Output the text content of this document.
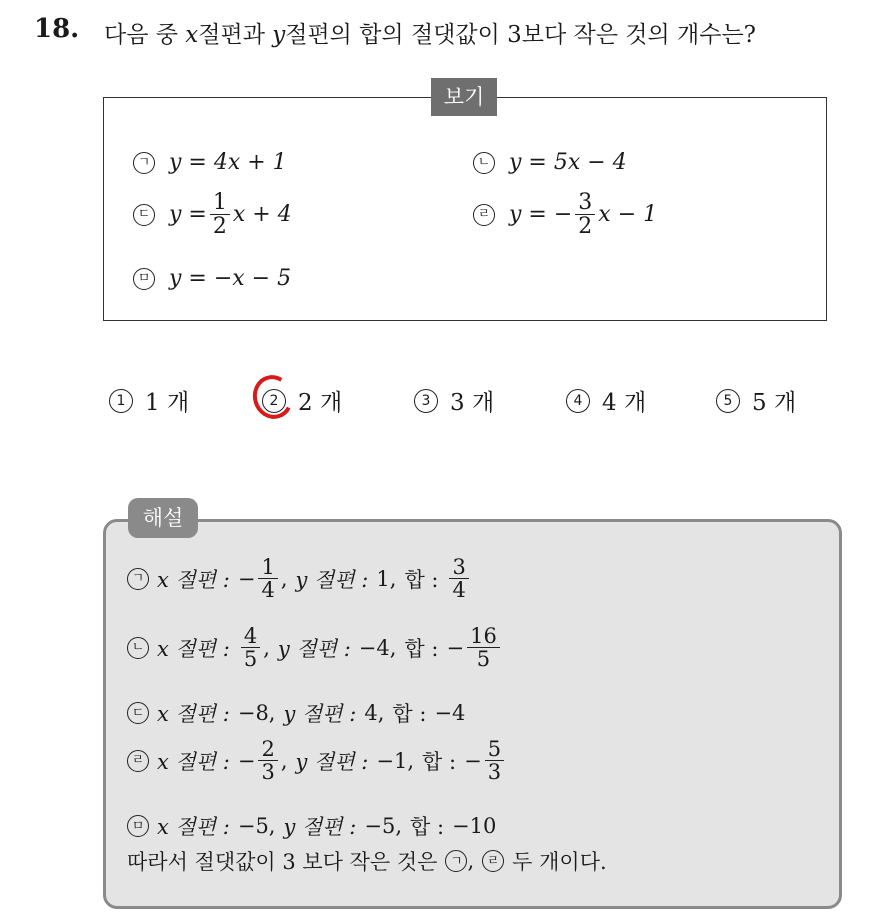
18. 다음 중 x절편과 y절편의 합의 절댓값이 3보다 작은 것의 개수는?
보기
ㄱ y = 4x + 1	ㄴ y = 5x − 4
ㄷ $y = \frac{1}{2}$ x + 4	ㄹ y = − $\frac{3}{2}$ x − 1
ㅁ y = −x − 5
1 1 개	2 2 개	3 3 개	4 4 개	5 5 개
해설
ㄱ x 절편 : − $\frac{1}{4}$ , y 절편 : 1, 합 : $\frac{3}{4}$
ㄴ x 절편 : $\frac{4}{5}$ , y 절편 : −4, 합 : − $\frac{16}{5}$
ㄷ x 절편 : −8, y 절편 : 4, 합 : −4
ㄹ x 절편 : − $\frac{2}{3}$ , y 절편 : −1, 합 : − $\frac{5}{3}$
ㅁ x 절편 : −5, y 절편 : −5, 합 : −10
따라서 절댓값이 3 보다 작은 것은 ㄱ , ㄹ 두 개이다.
